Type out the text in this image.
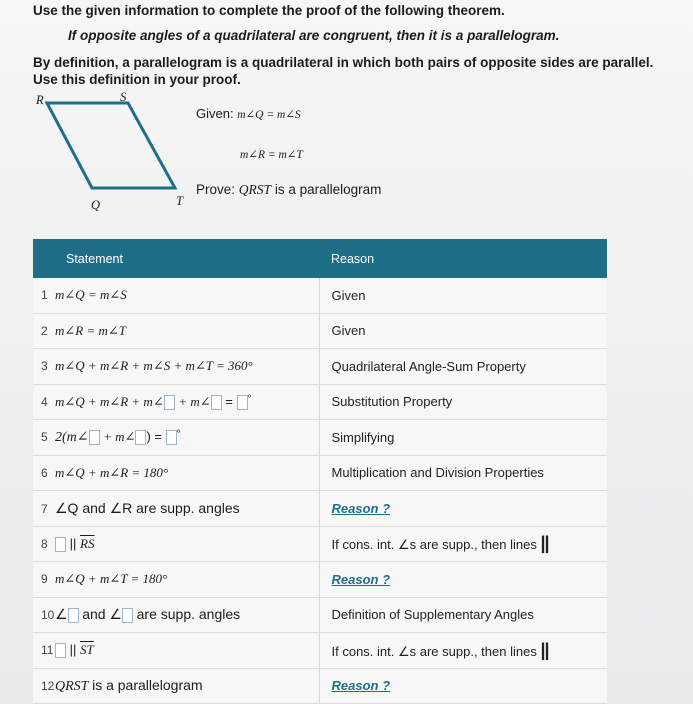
Use the given information to complete the proof of the following theorem.
If opposite angles of a quadrilateral are congruent, then it is a parallelogram.
By definition, a parallelogram is a quadrilateral in which both pairs of opposite sides are parallel.
Use this definition in your proof.
R	S
Q	T
Given: m∠Q = m∠S
m∠R = m∠T
Prove: QRST is a parallelogram
Statement	Reason
1 m∠Q = m∠S	Given
2 m∠R = m∠T	Given
3 m∠Q + m∠R + m∠S + m∠T = 360°	Quadrilateral Angle-Sum Property
4 m∠Q + m∠R + m∠ + m∠ = °	Substitution Property
5 2(m∠ + m∠ ) = °	Simplifying
6 m∠Q + m∠R = 180°	Multiplication and Division Properties
7 ∠Q and ∠R are supp. angles	Reason ?
8 || $\overline{RS}$	If cons. int. ∠s are supp., then lines ||
9 m∠Q + m∠T = 180°	Reason ?
10∠ and ∠ are supp. angles	Definition of Supplementary Angles
11 || $\overline{ST}$	If cons. int. ∠s are supp., then lines ||
12QRST is a parallelogram	Reason ?
